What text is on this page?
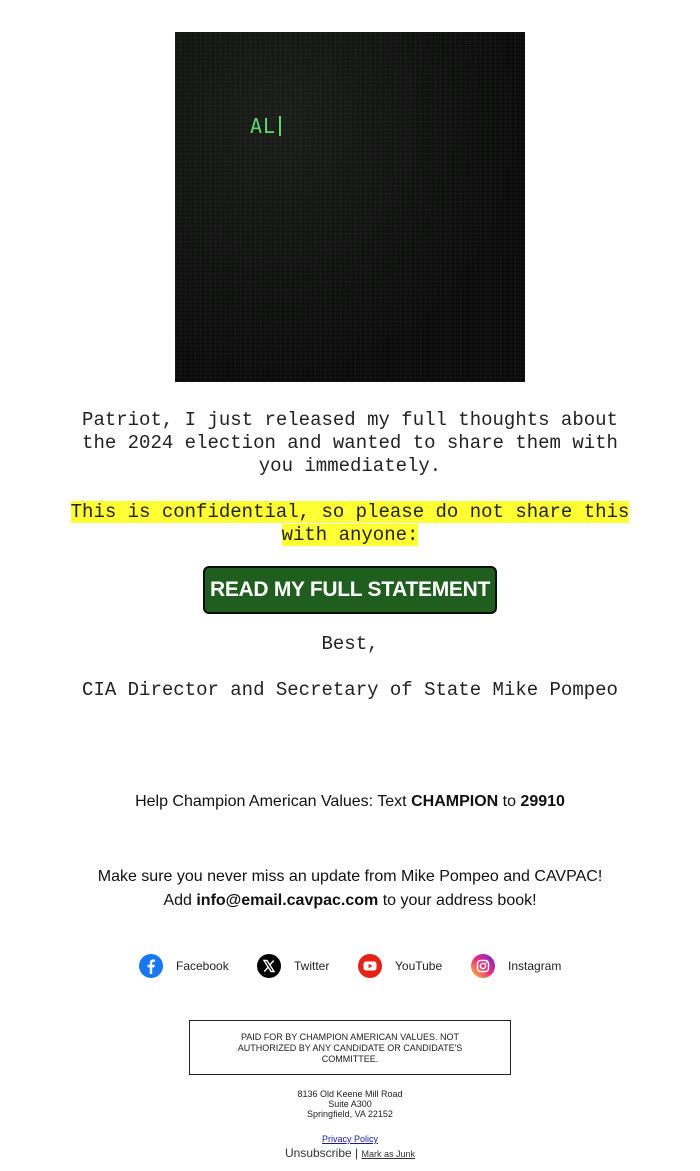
AL
Patriot, I just released my full thoughts about the 2024 election and wanted to share them with you immediately.
This is confidential, so please do not share this with anyone:
READ MY FULL STATEMENT
Best,
CIA Director and Secretary of State Mike Pompeo
Help Champion American Values: Text CHAMPION to 29910
Make sure you never miss an update from Mike Pompeo and CAVPAC!
Add info@email.cavpac.com to your address book!
Facebook	Twitter	YouTube	Instagram
PAID FOR BY CHAMPION AMERICAN VALUES. NOT AUTHORIZED BY ANY CANDIDATE OR CANDIDATE'S COMMITTEE.
8136 Old Keene Mill Road
Suite A300
Springfield, VA 22152
Privacy Policy
Unsubscribe | Mark as Junk
